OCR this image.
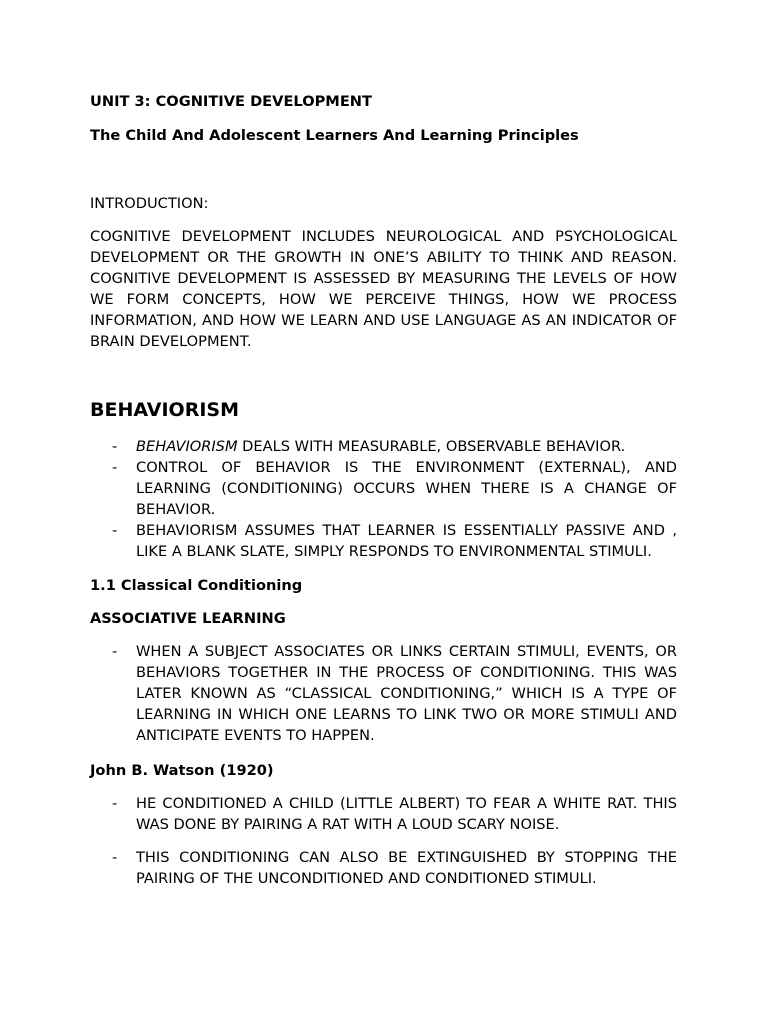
UNIT 3: COGNITIVE DEVELOPMENT

The Child And Adolescent Learners And Learning Principles

INTRODUCTION:

COGNITIVE DEVELOPMENT INCLUDES NEUROLOGICAL AND PSYCHOLOGICAL DEVELOPMENT OR THE GROWTH IN ONE’S ABILITY TO THINK AND REASON. COGNITIVE DEVELOPMENT IS ASSESSED BY MEASURING THE LEVELS OF HOW WE FORM CONCEPTS, HOW WE PERCEIVE THINGS, HOW WE PROCESS INFORMATION, AND HOW WE LEARN AND USE LANGUAGE AS AN INDICATOR OF BRAIN DEVELOPMENT.

BEHAVIORISM

- BEHAVIORISM DEALS WITH MEASURABLE, OBSERVABLE BEHAVIOR.
- CONTROL OF BEHAVIOR IS THE ENVIRONMENT (EXTERNAL), AND LEARNING (CONDITIONING) OCCURS WHEN THERE IS A CHANGE OF BEHAVIOR.
- BEHAVIORISM ASSUMES THAT LEARNER IS ESSENTIALLY PASSIVE AND , LIKE A BLANK SLATE, SIMPLY RESPONDS TO ENVIRONMENTAL STIMULI.

1.1 Classical Conditioning

ASSOCIATIVE LEARNING

- WHEN A SUBJECT ASSOCIATES OR LINKS CERTAIN STIMULI, EVENTS, OR BEHAVIORS TOGETHER IN THE PROCESS OF CONDITIONING. THIS WAS LATER KNOWN AS “CLASSICAL CONDITIONING,” WHICH IS A TYPE OF LEARNING IN WHICH ONE LEARNS TO LINK TWO OR MORE STIMULI AND ANTICIPATE EVENTS TO HAPPEN.

John B. Watson (1920)

- HE CONDITIONED A CHILD (LITTLE ALBERT) TO FEAR A WHITE RAT. THIS WAS DONE BY PAIRING A RAT WITH A LOUD SCARY NOISE.
- THIS CONDITIONING CAN ALSO BE EXTINGUISHED BY STOPPING THE PAIRING OF THE UNCONDITIONED AND CONDITIONED STIMULI.
